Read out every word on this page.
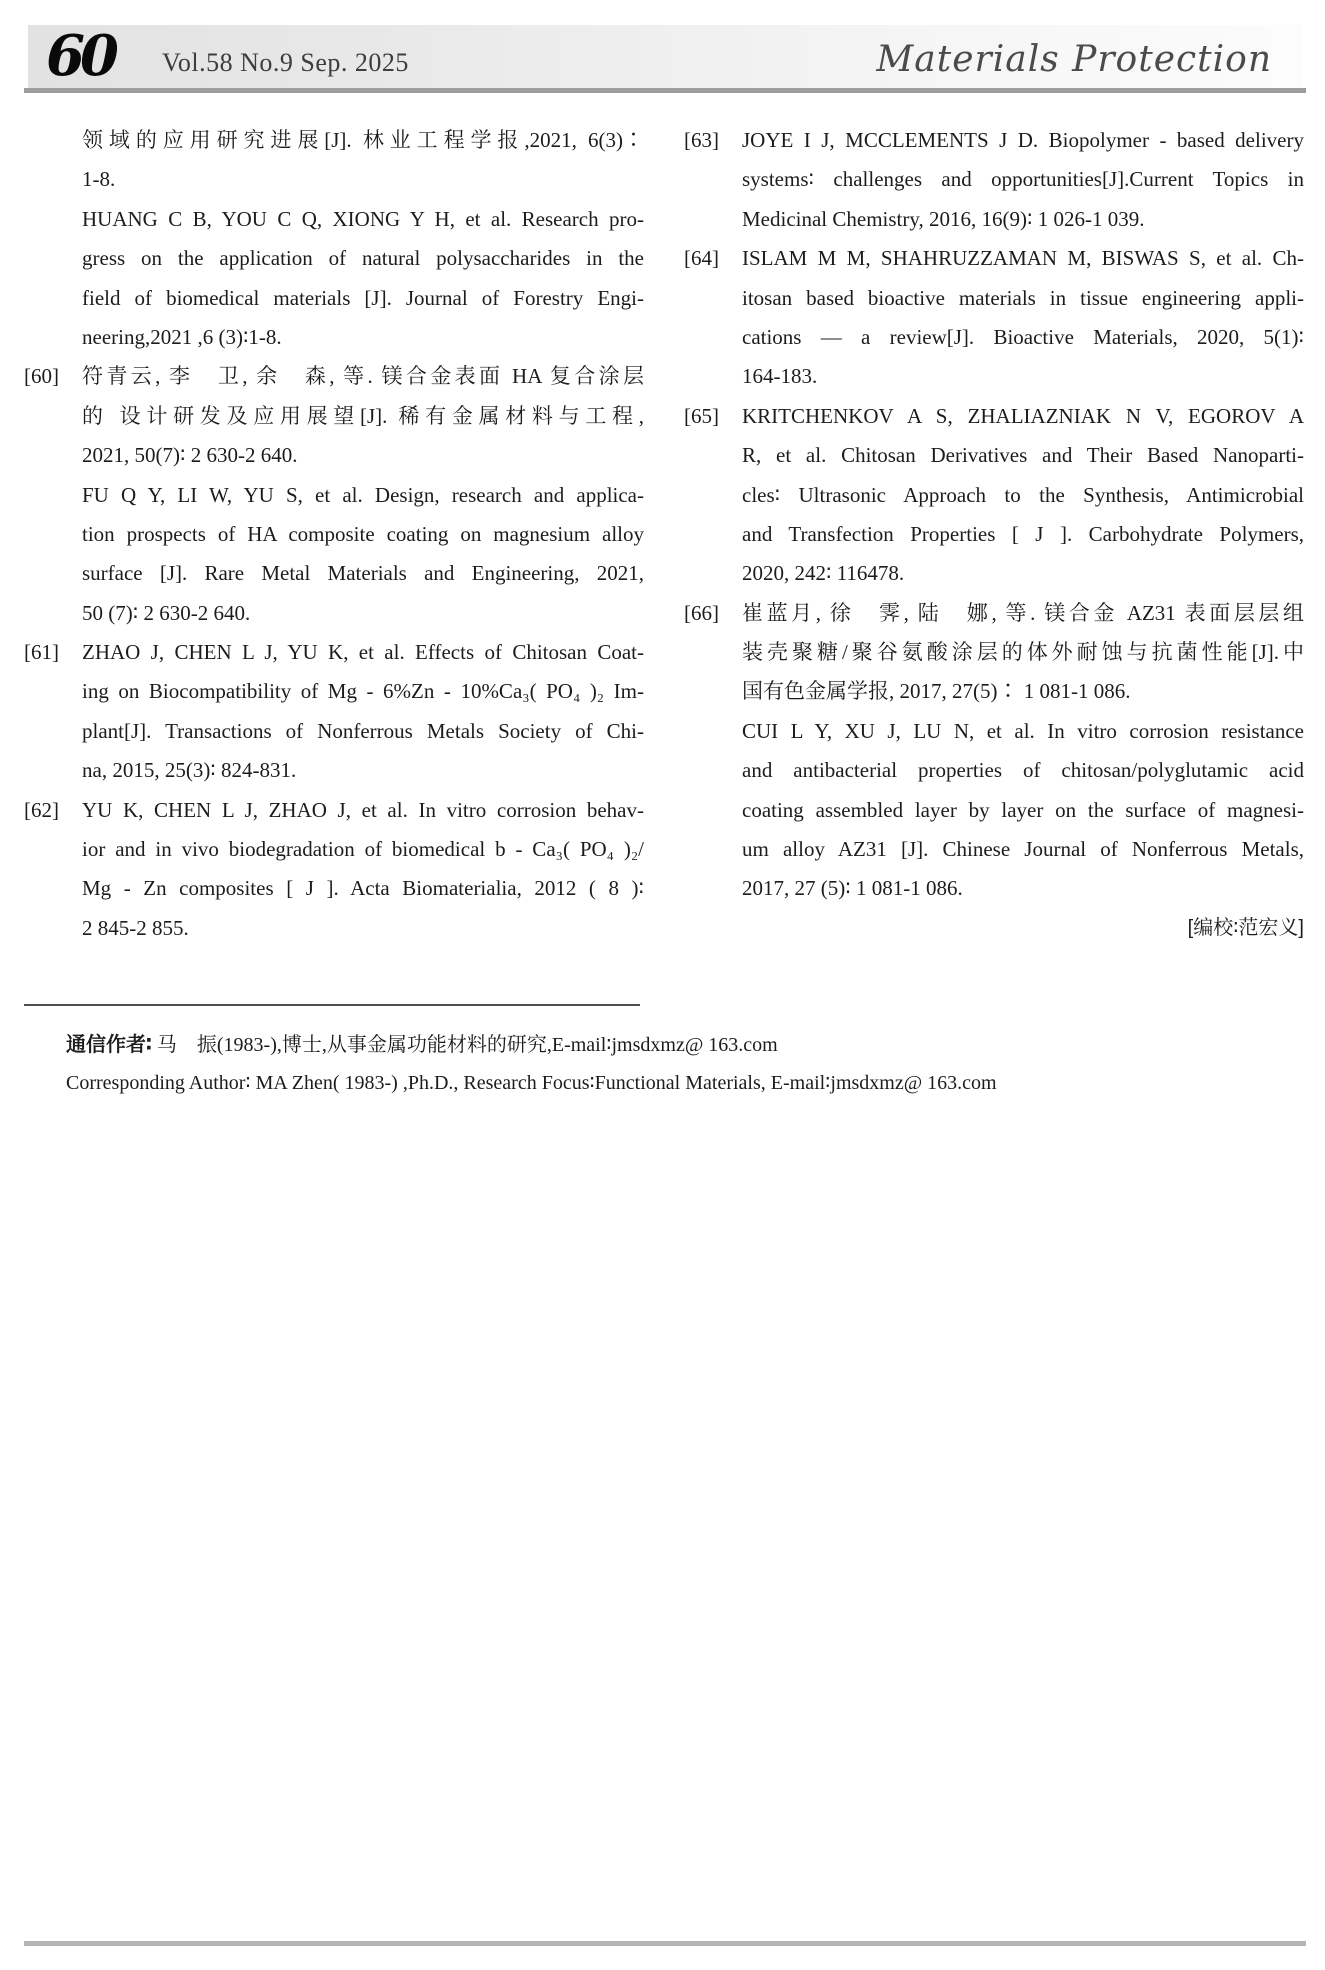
60 Vol.58 No.9 Sep. 2025	Materials Protection
领域的应用研究进展[J]. 林业工程学报,2021, 6(3)∶
1-8.
HUANG C B, YOU C Q, XIONG Y H, et al. Research pro-
gress on the application of natural polysaccharides in the
field of biomedical materials [J]. Journal of Forestry Engi-
neering,2021 ,6 (3)∶1-8.
[60] 符青云, 李　卫, 余　森, 等. 镁合金表面 HA 复合涂层
的 设计研发及应用展望[J]. 稀有金属材料与工程,
2021, 50(7)∶ 2 630-2 640.
FU Q Y, LI W, YU S, et al. Design, research and applica-
tion prospects of HA composite coating on magnesium alloy
surface [J]. Rare Metal Materials and Engineering, 2021,
50 (7)∶ 2 630-2 640.
[61] ZHAO J, CHEN L J, YU K, et al. Effects of Chitosan Coat-
ing on Biocompatibility of Mg - 6%Zn - 10%Ca₃( PO₄ )₂ Im-
plant[J]. Transactions of Nonferrous Metals Society of Chi-
na, 2015, 25(3)∶ 824-831.
[62] YU K, CHEN L J, ZHAO J, et al. In vitro corrosion behav-
ior and in vivo biodegradation of biomedical b - Ca₃( PO₄ )₂/
Mg - Zn composites [ J ]. Acta Biomaterialia, 2012 ( 8 )∶
2 845-2 855.
[63] JOYE I J, MCCLEMENTS J D. Biopolymer - based delivery
systems∶ challenges and opportunities[J].Current Topics in
Medicinal Chemistry, 2016, 16(9)∶ 1 026-1 039.
[64] ISLAM M M, SHAHRUZZAMAN M, BISWAS S, et al. Ch-
itosan based bioactive materials in tissue engineering appli-
cations — a review[J]. Bioactive Materials, 2020, 5(1)∶
164-183.
[65] KRITCHENKOV A S, ZHALIAZNIAK N V, EGOROV A
R, et al. Chitosan Derivatives and Their Based Nanoparti-
cles∶ Ultrasonic Approach to the Synthesis, Antimicrobial
and Transfection Properties [ J ]. Carbohydrate Polymers,
2020, 242∶ 116478.
[66] 崔蓝月, 徐　霁, 陆　娜, 等. 镁合金 AZ31 表面层层组
装壳聚糖/聚谷氨酸涂层的体外耐蚀与抗菌性能[J].中
国有色金属学报, 2017, 27(5)∶ 1 081-1 086.
CUI L Y, XU J, LU N, et al. In vitro corrosion resistance
and antibacterial properties of chitosan/polyglutamic acid
coating assembled layer by layer on the surface of magnesi-
um alloy AZ31 [J]. Chinese Journal of Nonferrous Metals,
2017, 27 (5)∶ 1 081-1 086.
[编校∶范宏义]
通信作者∶ 马　振(1983-),博士,从事金属功能材料的研究,E-mail∶jmsdxmz@ 163.com
Corresponding Author∶ MA Zhen( 1983-) ,Ph.D., Research Focus∶Functional Materials, E-mail∶jmsdxmz@ 163.com
